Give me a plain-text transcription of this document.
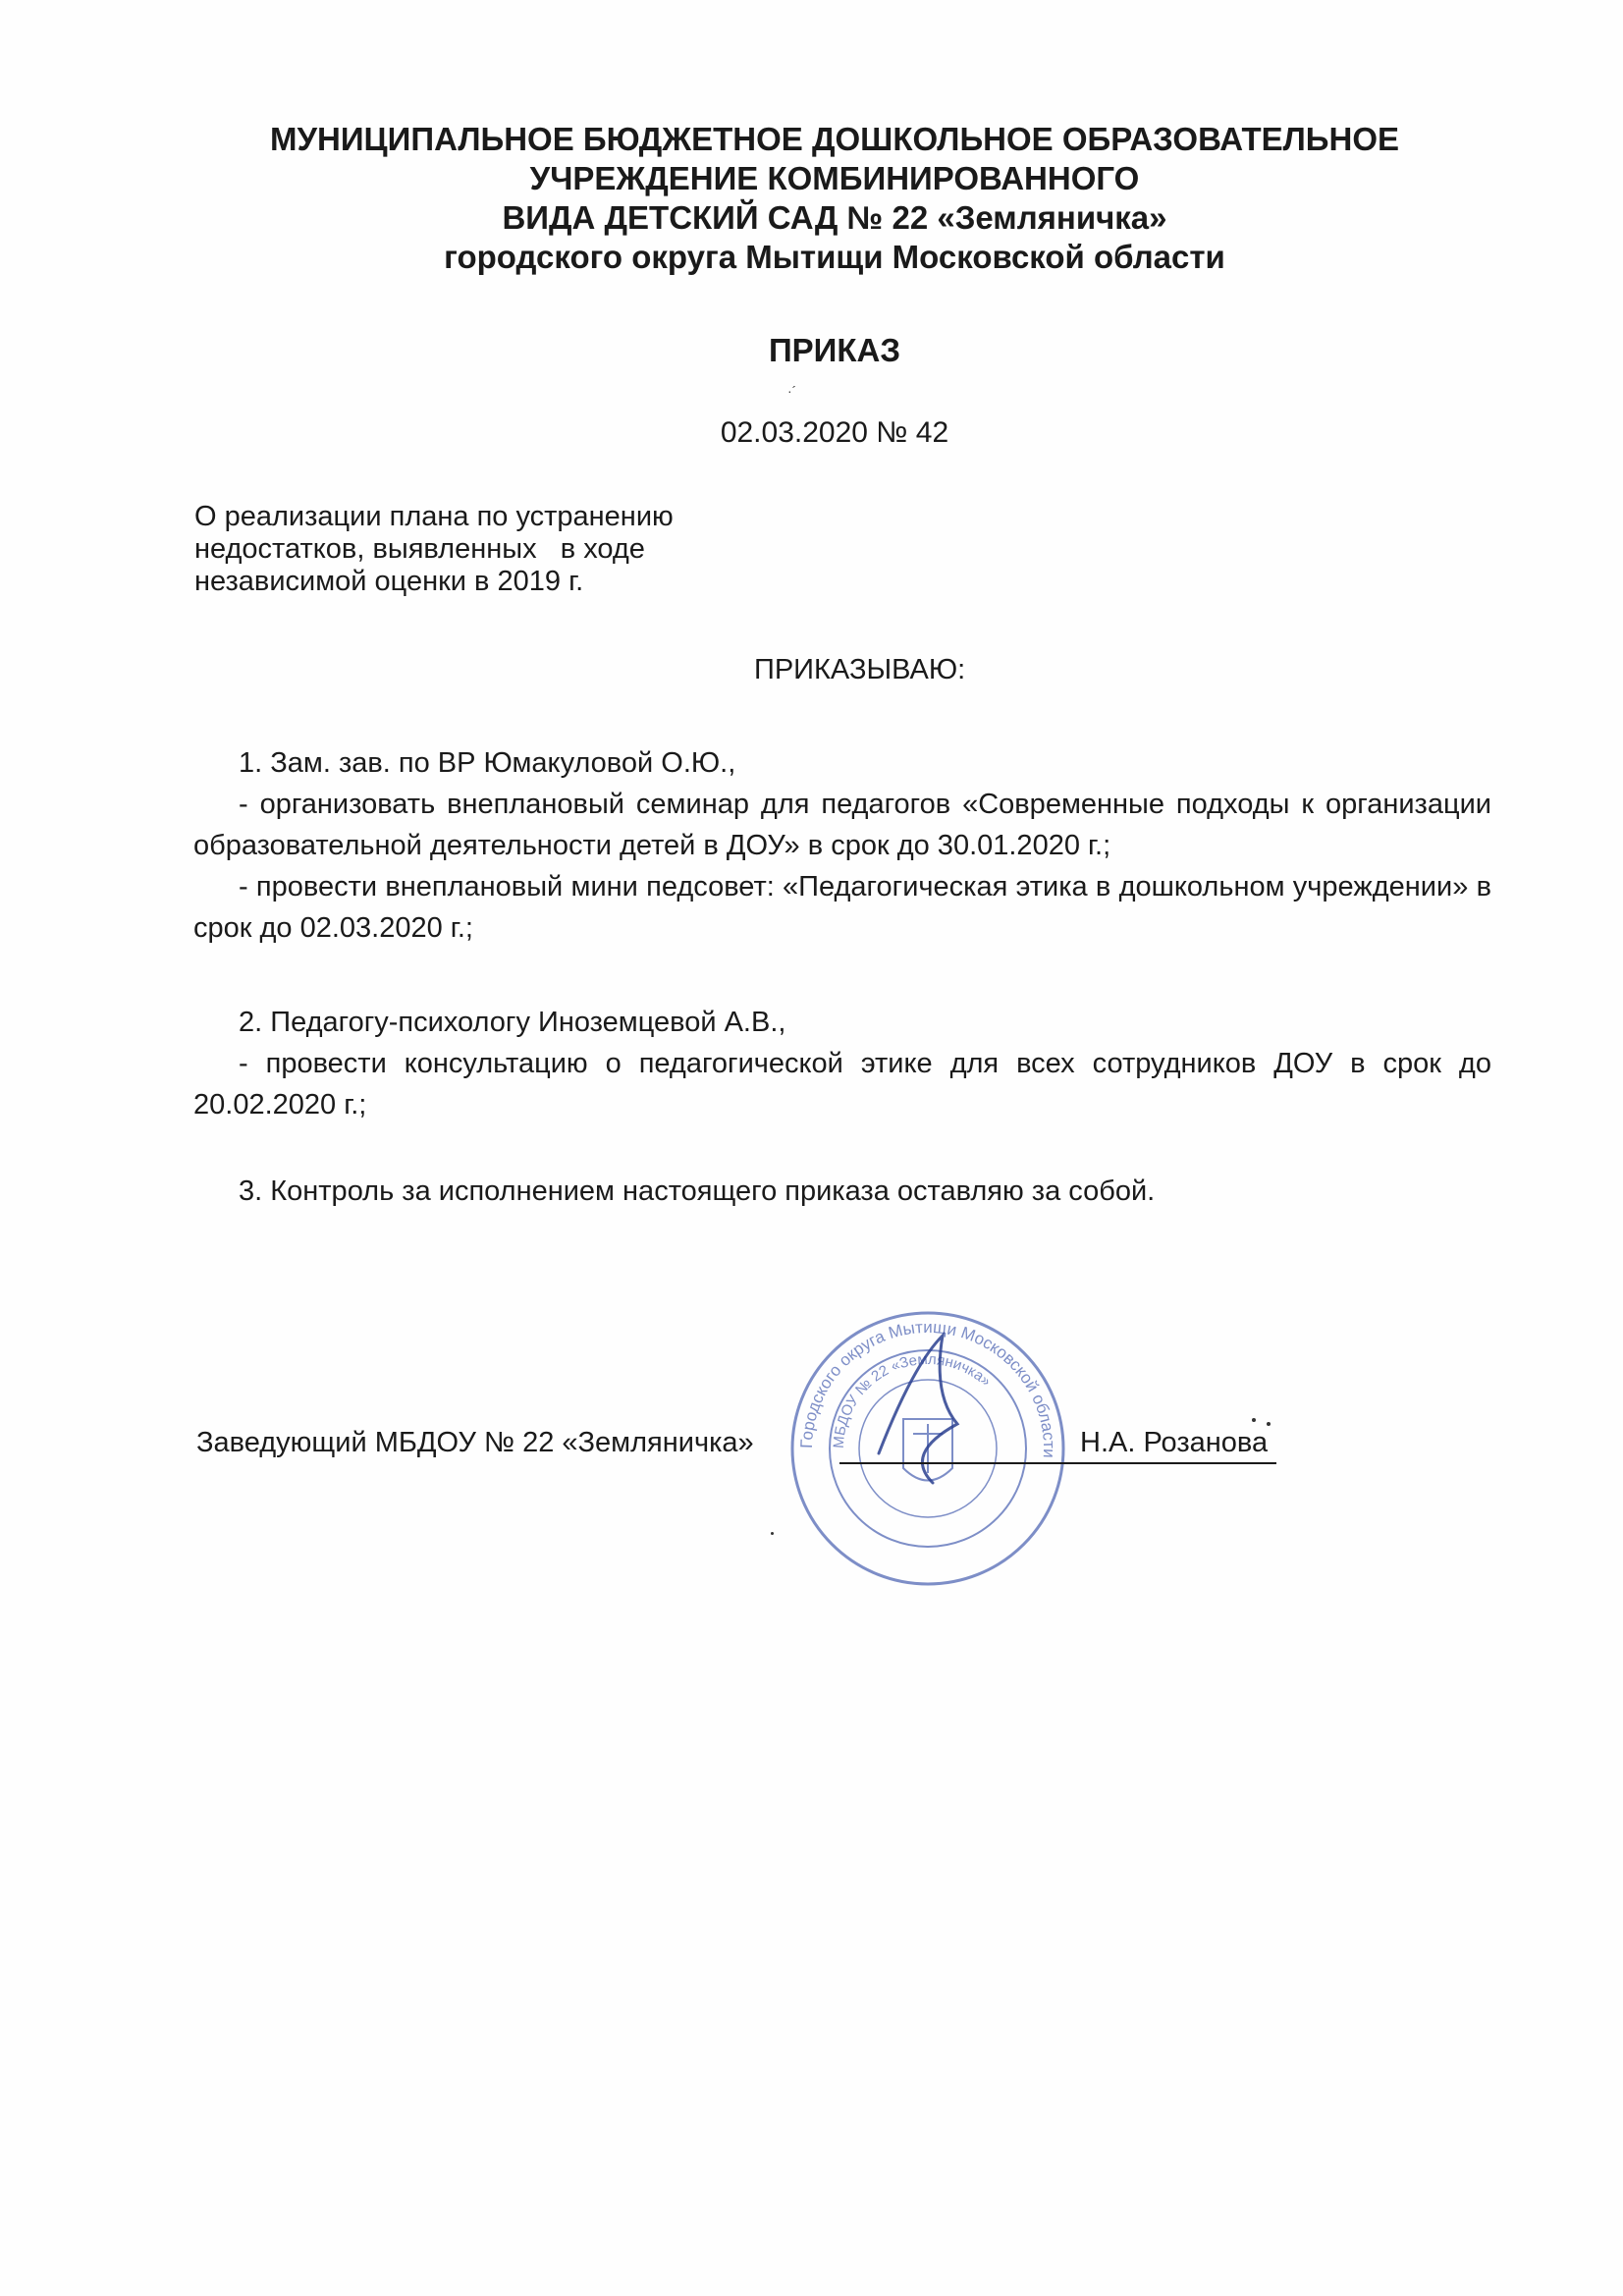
МУНИЦИПАЛЬНОЕ БЮДЖЕТНОЕ ДОШКОЛЬНОЕ ОБРАЗОВАТЕЛЬНОЕ
УЧРЕЖДЕНИЕ КОМБИНИРОВАННОГО
ВИДА ДЕТСКИЙ САД № 22 «Земляничка»
городского округа Мытищи Московской области
ПРИКАЗ
·´
02.03.2020 № 42
О реализации плана по устранению
недостатков, выявленных   в ходе
независимой оценки в 2019 г.
ПРИКАЗЫВАЮ:
1. Зам. зав. по ВР Юмакуловой О.Ю.,
- организовать внеплановый семинар для педагогов «Современные подходы к организации образовательной деятельности детей в ДОУ» в срок до 30.01.2020 г.;
- провести внеплановый мини педсовет: «Педагогическая этика в дошкольном учреждении» в срок до 02.03.2020 г.;
2. Педагогу-психологу Иноземцевой А.В.,
- провести консультацию о педагогической этике для всех сотрудников ДОУ в срок до 20.02.2020 г.;
3. Контроль за исполнением настоящего приказа оставляю за собой.
Городского округа Мытищи Московской области
МБДОУ № 22 «Земляничка»
Заведующий МБДОУ № 22 «Земляничка»	Н.А. Розанова
